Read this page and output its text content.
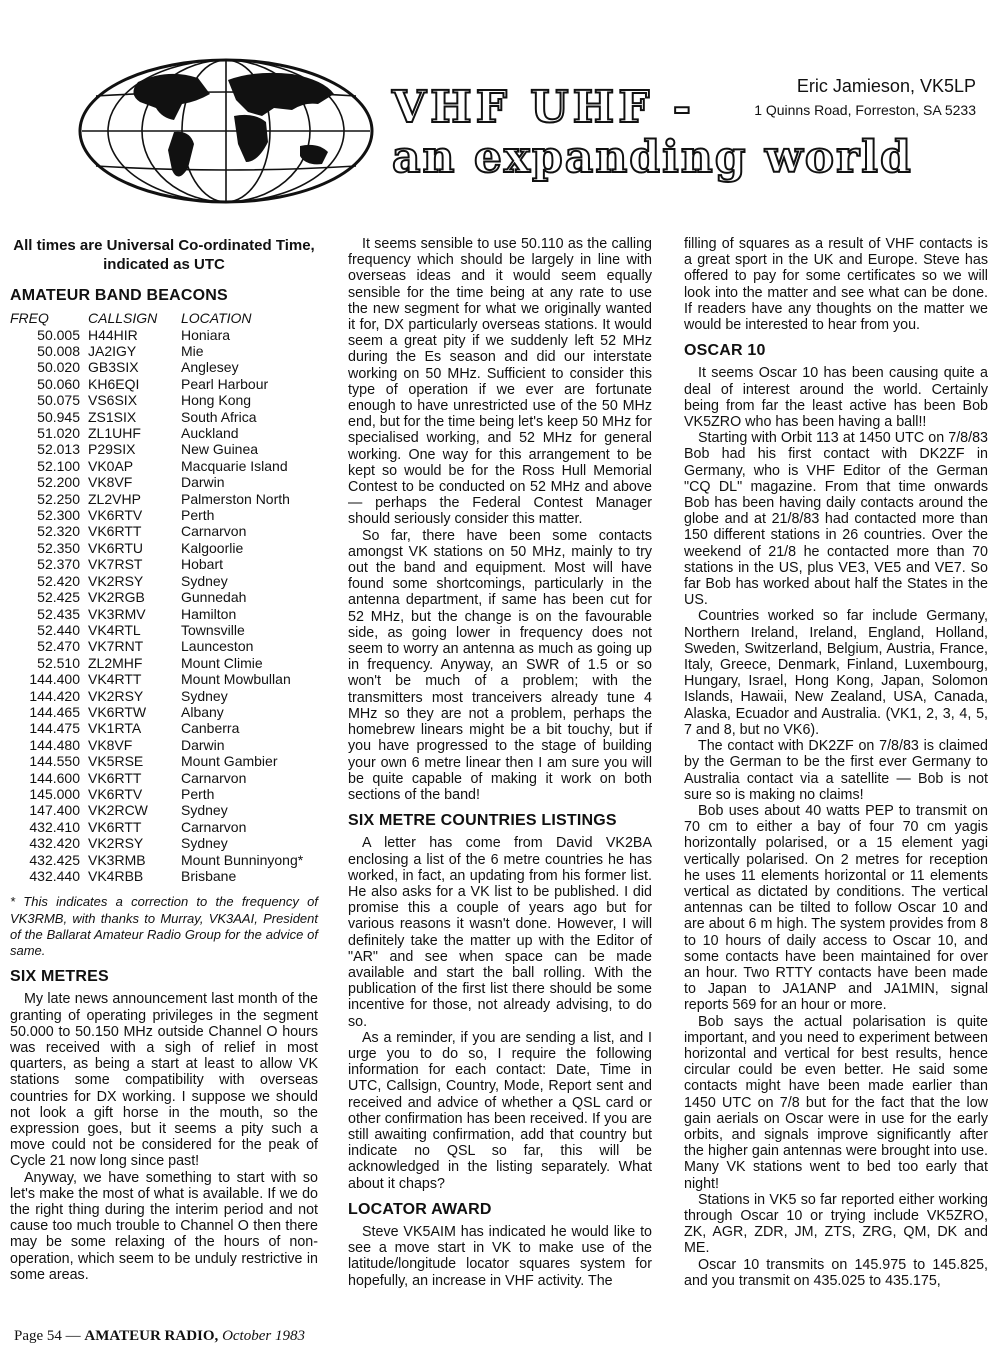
VHF UHF -
an expanding world
Eric Jamieson, VK5LP
1 Quinns Road, Forreston, SA 5233
All times are Universal Co-ordinated Time, indicated as UTC
AMATEUR BAND BEACONS
FREQ	CALLSIGN	LOCATION
50.005	H44HIR	Honiara
50.008	JA2IGY	Mie
50.020	GB3SIX	Anglesey
50.060	KH6EQI	Pearl Harbour
50.075	VS6SIX	Hong Kong
50.945	ZS1SIX	South Africa
51.020	ZL1UHF	Auckland
52.013	P29SIX	New Guinea
52.100	VK0AP	Macquarie Island
52.200	VK8VF	Darwin
52.250	ZL2VHP	Palmerston North
52.300	VK6RTV	Perth
52.320	VK6RTT	Carnarvon
52.350	VK6RTU	Kalgoorlie
52.370	VK7RST	Hobart
52.420	VK2RSY	Sydney
52.425	VK2RGB	Gunnedah
52.435	VK3RMV	Hamilton
52.440	VK4RTL	Townsville
52.470	VK7RNT	Launceston
52.510	ZL2MHF	Mount Climie
144.400	VK4RTT	Mount Mowbullan
144.420	VK2RSY	Sydney
144.465	VK6RTW	Albany
144.475	VK1RTA	Canberra
144.480	VK8VF	Darwin
144.550	VK5RSE	Mount Gambier
144.600	VK6RTT	Carnarvon
145.000	VK6RTV	Perth
147.400	VK2RCW	Sydney
432.410	VK6RTT	Carnarvon
432.420	VK2RSY	Sydney
432.425	VK3RMB	Mount Bunninyong*
432.440	VK4RBB	Brisbane

* This indicates a correction to the frequency of VK3RMB, with thanks to Murray, VK3AAI, President of the Ballarat Amateur Radio Group for the advice of same.

SIX METRES

My late news announcement last month of the granting of operating privileges in the segment 50.000 to 50.150 MHz outside Channel O hours was received with a sigh of relief in most quarters, as being a start at least to allow VK stations some compatibility with overseas countries for DX working. I suppose we should not look a gift horse in the mouth, so the expression goes, but it seems a pity such a move could not be considered for the peak of Cycle 21 now long since past!

Anyway, we have something to start with so let's make the most of what is available. If we do the right thing during the interim period and not cause too much trouble to Channel O then there may be some relaxing of the hours of non-operation, which seem to be unduly restrictive in some areas.

It seems sensible to use 50.110 as the calling frequency which should be largely in line with overseas ideas and it would seem equally sensible for the time being at any rate to use the new segment for what we originally wanted it for, DX particularly overseas stations. It would seem a great pity if we suddenly left 52 MHz during the Es season and did our interstate working on 50 MHz. Sufficient to consider this type of operation if we ever are fortunate enough to have unrestricted use of the 50 MHz end, but for the time being let's keep 50 MHz for specialised working, and 52 MHz for general working. One way for this arrangement to be kept so would be for the Ross Hull Memorial Contest to be conducted on 52 MHz and above — perhaps the Federal Contest Manager should seriously consider this matter.

So far, there have been some contacts amongst VK stations on 50 MHz, mainly to try out the band and equipment. Most will have found some shortcomings, particularly in the antenna department, if same has been cut for 52 MHz, but the change is on the favourable side, as going lower in frequency does not seem to worry an antenna as much as going up in frequency. Anyway, an SWR of 1.5 or so won't be much of a problem; with the transmitters most tranceivers already tune 4 MHz so they are not a problem, perhaps the homebrew linears might be a bit touchy, but if you have progressed to the stage of building your own 6 metre linear then I am sure you will be quite capable of making it work on both sections of the band!

SIX METRE COUNTRIES LISTINGS

A letter has come from David VK2BA enclosing a list of the 6 metre countries he has worked, in fact, an updating from his former list. He also asks for a VK list to be published. I did promise this a couple of years ago but for various reasons it wasn't done. However, I will definitely take the matter up with the Editor of "AR" and see when space can be made available and start the ball rolling. With the publication of the first list there should be some incentive for those, not already advising, to do so.

As a reminder, if you are sending a list, and I urge you to do so, I require the following information for each contact: Date, Time in UTC, Callsign, Country, Mode, Report sent and received and advice of whether a QSL card or other confirmation has been received. If you are still awaiting confirmation, add that country but indicate no QSL so far, this will be acknowledged in the listing separately. What about it chaps?

LOCATOR AWARD

Steve VK5AIM has indicated he would like to see a move start in VK to make use of the latitude/longitude locator squares system for hopefully, an increase in VHF activity. The

filling of squares as a result of VHF contacts is a great sport in the UK and Europe. Steve has offered to pay for some certificates so we will look into the matter and see what can be done. If readers have any thoughts on the matter we would be interested to hear from you.

OSCAR 10

It seems Oscar 10 has been causing quite a deal of interest around the world. Certainly being from far the least active has been Bob VK5ZRO who has been having a ball!!

Starting with Orbit 113 at 1450 UTC on 7/8/83 Bob had his first contact with DK2ZF in Germany, who is VHF Editor of the German "CQ DL" magazine. From that time onwards Bob has been having daily contacts around the globe and at 21/8/83 had contacted more than 150 different stations in 26 countries. Over the weekend of 21/8 he contacted more than 70 stations in the US, plus VE3, VE5 and VE7. So far Bob has worked about half the States in the US.

Countries worked so far include Germany, Northern Ireland, Ireland, England, Holland, Sweden, Switzerland, Belgium, Austria, France, Italy, Greece, Denmark, Finland, Luxembourg, Hungary, Israel, Hong Kong, Japan, Solomon Islands, Hawaii, New Zealand, USA, Canada, Alaska, Ecuador and Australia. (VK1, 2, 3, 4, 5, 7 and 8, but no VK6).

The contact with DK2ZF on 7/8/83 is claimed by the German to be the first ever Germany to Australia contact via a satellite — Bob is not sure so is making no claims!

Bob uses about 40 watts PEP to transmit on 70 cm to either a bay of four 70 cm yagis horizontally polarised, or a 15 element yagi vertically polarised. On 2 metres for reception he uses 11 elements horizontal or 11 elements vertical as dictated by conditions. The vertical antennas can be tilted to follow Oscar 10 and are about 6 m high. The system provides from 8 to 10 hours of daily access to Oscar 10, and some contacts have been maintained for over an hour. Two RTTY contacts have been made to Japan to JA1ANP and JA1MIN, signal reports 569 for an hour or more.

Bob says the actual polarisation is quite important, and you need to experiment between horizontal and vertical for best results, hence circular could be even better. He said some contacts might have been made earlier than 1450 UTC on 7/8 but for the fact that the low gain aerials on Oscar were in use for the early orbits, and signals improve significantly after the higher gain antennas were brought into use. Many VK stations went to bed too early that night!

Stations in VK5 so far reported either working through Oscar 10 or trying include VK5ZRO, ZK, AGR, ZDR, JM, ZTS, ZRG, QM, DK and ME.

Oscar 10 transmits on 145.975 to 145.825, and you transmit on 435.025 to 435.175,

Page 54 — AMATEUR RADIO, October 1983
